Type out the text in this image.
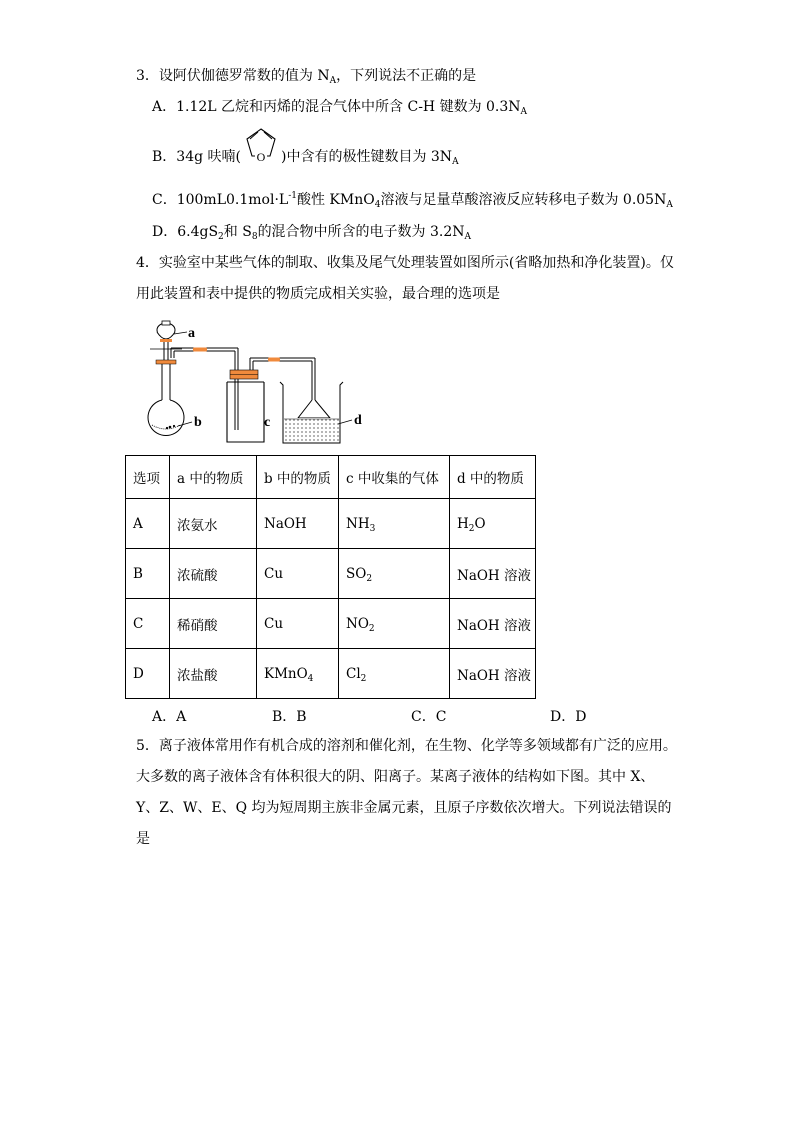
3．设阿伏伽德罗常数的值为 $N_A$，下列说法不正确的是
A．1.12L 乙烷和丙烯的混合气体中所含 C-H 键数为 $0.3N_A$
B．34g 呋喃( O )中含有的极性键数目为 $3N_A$
C．$100mL0.1mol\cdot L^{-1}$酸性 KMnO$_4$溶液与足量草酸溶液反应转移电子数为 $0.05N_A$
D．$6.4gS_2$和 $S_8$的混合物中所含的电子数为 $3.2N_A$
4．实验室中某些气体的制取、收集及尾气处理装置如图所示(省略加热和净化装置)。仅
用此装置和表中提供的物质完成相关实验，最合理的选项是
a
b	c	d
选项	a 中的物质	b 中的物质	c 中收集的气体	d 中的物质
A	浓氨水	NaOH	$NH_3$	$H_2O$
B	浓硫酸	Cu	$SO_2$	NaOH 溶液
C	稀硝酸	Cu	$NO_2$	NaOH 溶液
D	浓盐酸	KMnO$_4$	$Cl_2$	NaOH 溶液
A．A	B．B	C．C	D．D
5．离子液体常用作有机合成的溶剂和催化剂，在生物、化学等多领域都有广泛的应用。
大多数的离子液体含有体积很大的阴、阳离子。某离子液体的结构如下图。其中 X、
Y、Z、W、E、Q 均为短周期主族非金属元素，且原子序数依次增大。下列说法错误的
是
